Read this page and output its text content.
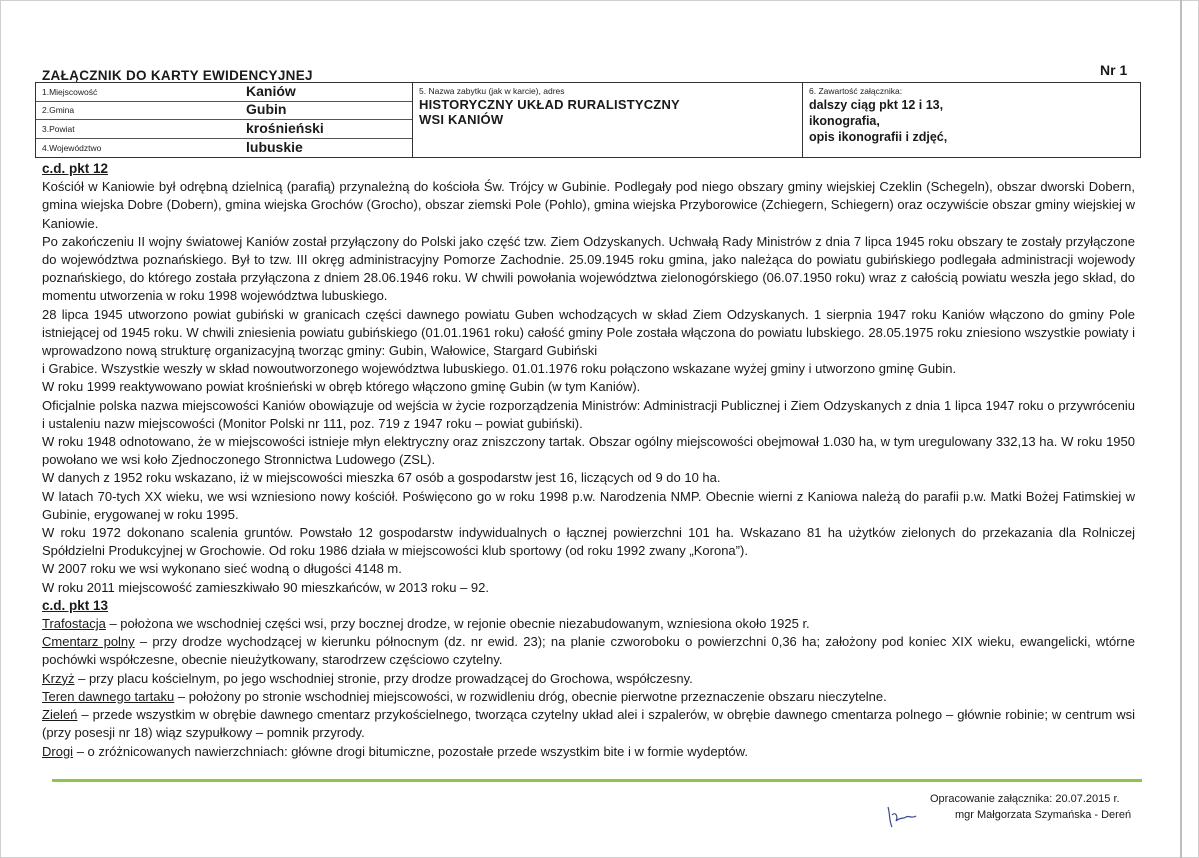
ZAŁĄCZNIK DO KARTY EWIDENCYJNEJ	Nr 1
1.Miejscowość	Kaniów
2.Gmina	Gubin
3.Powiat	krośnieński
4.Województwo	lubuskie
5. Nazwa zabytku (jak w karcie), adres
HISTORYCZNY UKŁAD RURALISTYCZNY
WSI KANIÓW
6. Zawartość załącznika:
dalszy ciąg pkt 12 i 13,
ikonografia,
opis ikonografii i zdjęć,
c.d. pkt 12

Kościół w Kaniowie był odrębną dzielnicą (parafią) przynależną do kościoła Św. Trójcy w Gubinie. Podlegały pod niego obszary gminy wiejskiej Czeklin (Schegeln), obszar dworski Dobern, gmina wiejska Dobre (Dobern), gmina wiejska Grochów (Grocho), obszar ziemski Pole (Pohlo), gmina wiejska Przyborowice (Zchiegern, Schiegern) oraz oczywiście obszar gminy wiejskiej w Kaniowie.

Po zakończeniu II wojny światowej Kaniów został przyłączony do Polski jako część tzw. Ziem Odzyskanych. Uchwałą Rady Ministrów z dnia 7 lipca 1945 roku obszary te zostały przyłączone do województwa poznańskiego. Był to tzw. III okręg administracyjny Pomorze Zachodnie. 25.09.1945 roku gmina, jako należąca do powiatu gubińskiego podlegała administracji wojewody poznańskiego, do którego została przyłączona z dniem 28.06.1946 roku. W chwili powołania województwa zielonogórskiego (06.07.1950 roku) wraz z całością powiatu weszła jego skład, do momentu utworzenia w roku 1998 województwa lubuskiego.

28 lipca 1945 utworzono powiat gubiński w granicach części dawnego powiatu Guben wchodzących w skład Ziem Odzyskanych. 1 sierpnia 1947 roku Kaniów włączono do gminy Pole istniejącej od 1945 roku. W chwili zniesienia powiatu gubińskiego (01.01.1961 roku) całość gminy Pole została włączona do powiatu lubskiego. 28.05.1975 roku zniesiono wszystkie powiaty i wprowadzono nową strukturę organizacyjną tworząc gminy: Gubin, Wałowice, Stargard Gubiński

i Grabice. Wszystkie weszły w skład nowoutworzonego województwa lubuskiego. 01.01.1976 roku połączono wskazane wyżej gminy i utworzono gminę Gubin.

W roku 1999 reaktywowano powiat krośnieński w obręb którego włączono gminę Gubin (w tym Kaniów).

Oficjalnie polska nazwa miejscowości Kaniów obowiązuje od wejścia w życie rozporządzenia Ministrów: Administracji Publicznej i Ziem Odzyskanych z dnia 1 lipca 1947 roku o przywróceniu i ustaleniu nazw miejscowości (Monitor Polski nr 111, poz. 719 z 1947 roku – powiat gubiński).

W roku 1948 odnotowano, że w miejscowości istnieje młyn elektryczny oraz zniszczony tartak. Obszar ogólny miejscowości obejmował 1.030 ha, w tym uregulowany 332,13 ha. W roku 1950 powołano we wsi koło Zjednoczonego Stronnictwa Ludowego (ZSL).

W danych z 1952 roku wskazano, iż w miejscowości mieszka 67 osób a gospodarstw jest 16, liczących od 9 do 10 ha.

W latach 70-tych XX wieku, we wsi wzniesiono nowy kościół. Poświęcono go w roku 1998 p.w. Narodzenia NMP. Obecnie wierni z Kaniowa należą do parafii p.w. Matki Bożej Fatimskiej w Gubinie, erygowanej w roku 1995.

W roku 1972 dokonano scalenia gruntów. Powstało 12 gospodarstw indywidualnych o łącznej powierzchni 101 ha. Wskazano 81 ha użytków zielonych do przekazania dla Rolniczej Spółdzielni Produkcyjnej w Grochowie. Od roku 1986 działa w miejscowości klub sportowy (od roku 1992 zwany „Korona”).

W 2007 roku we wsi wykonano sieć wodną o długości 4148 m.

W roku 2011 miejscowość zamieszkiwało 90 mieszkańców, w 2013 roku – 92.

c.d. pkt 13

Trafostacja – położona we wschodniej części wsi, przy bocznej drodze, w rejonie obecnie niezabudowanym, wzniesiona około 1925 r.

Cmentarz polny – przy drodze wychodzącej w kierunku północnym (dz. nr ewid. 23); na planie czworoboku o powierzchni 0,36 ha; założony pod koniec XIX wieku, ewangelicki, wtórne pochówki współczesne, obecnie nieużytkowany, starodrzew częściowo czytelny.

Krzyż – przy placu kościelnym, po jego wschodniej stronie, przy drodze prowadzącej do Grochowa, współczesny.

Teren dawnego tartaku – położony po stronie wschodniej miejscowości, w rozwidleniu dróg, obecnie pierwotne przeznaczenie obszaru nieczytelne.

Zieleń – przede wszystkim w obrębie dawnego cmentarz przykościelnego, tworząca czytelny układ alei i szpalerów, w obrębie dawnego cmentarza polnego – głównie robinie; w centrum wsi (przy posesji nr 18) wiąz szypułkowy – pomnik przyrody.

Drogi – o zróżnicowanych nawierzchniach: główne drogi bitumiczne, pozostałe przede wszystkim bite i w formie wydeptów.

Opracowanie załącznika: 20.07.2015 r.
mgr Małgorzata Szymańska - Dereń
